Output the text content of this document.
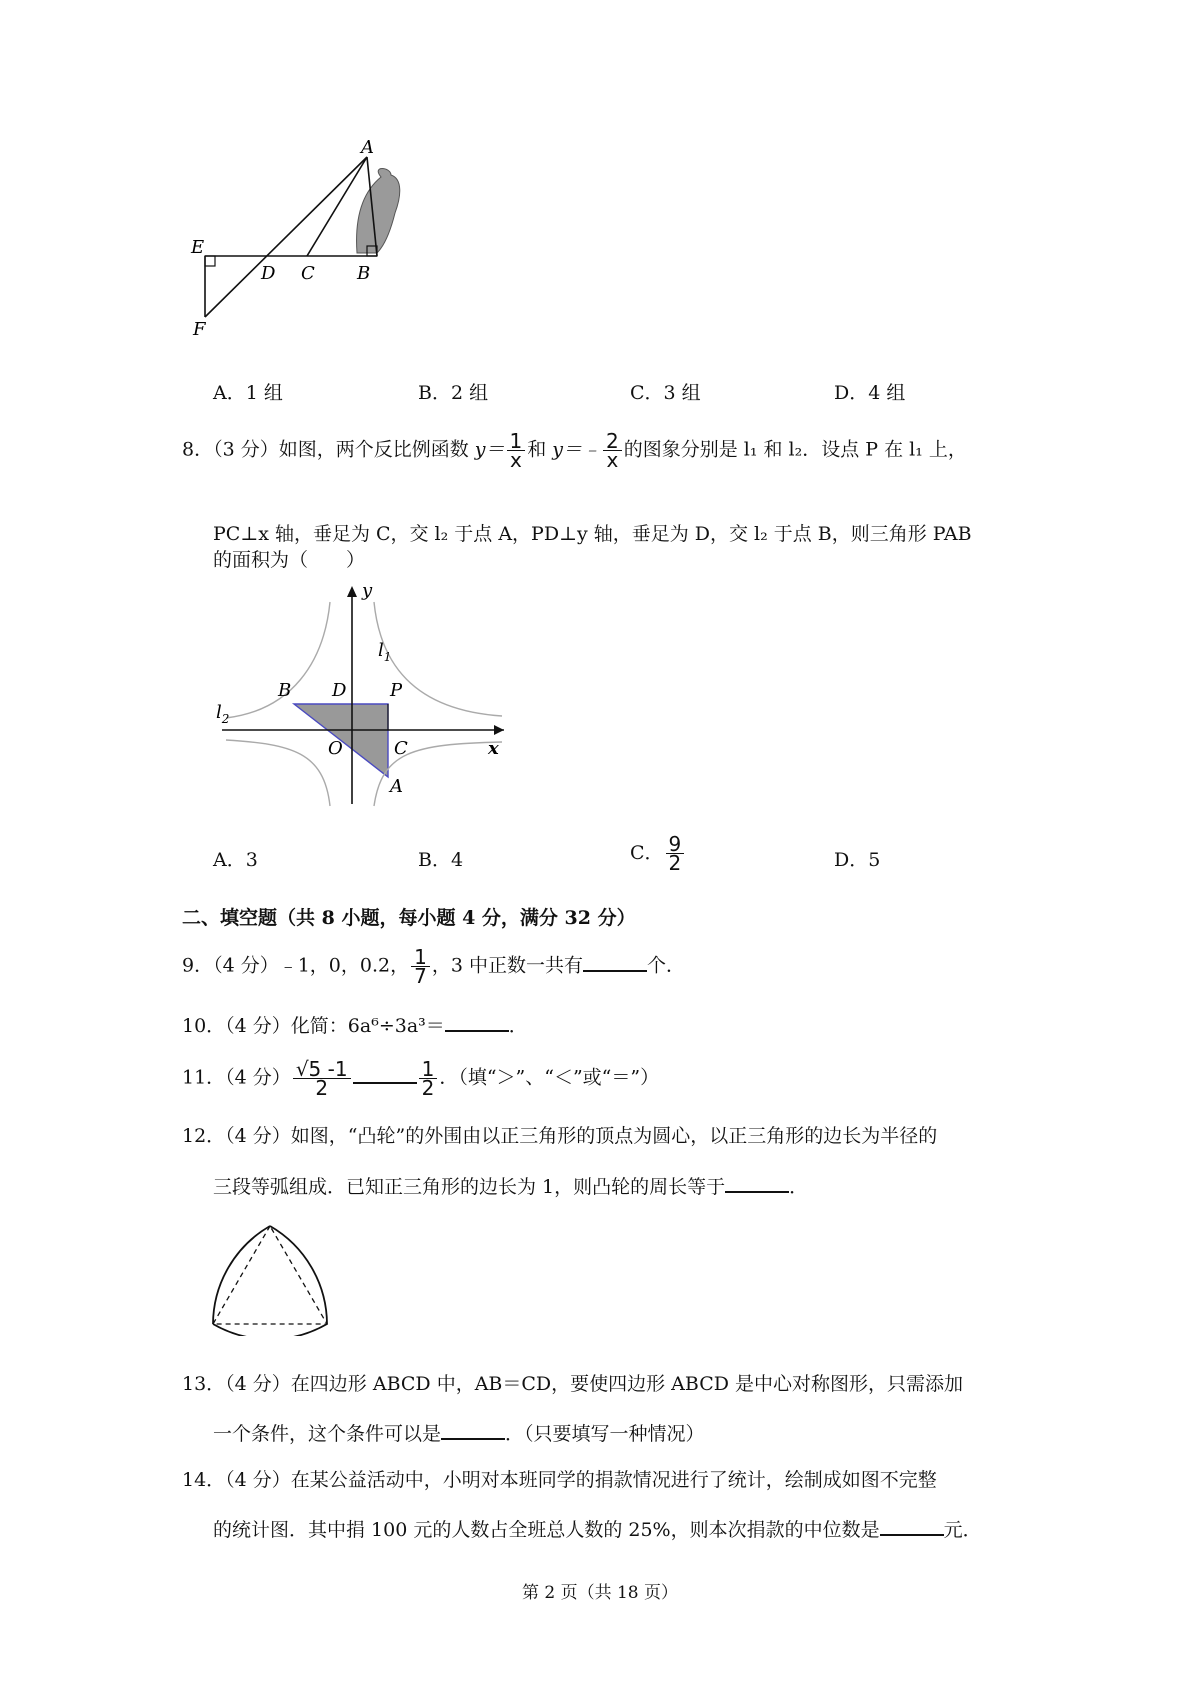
A
E
D C B
F
A．1 组	B．2 组	C．3 组	D．4 组
8．（3 分）如图，两个反比例函数 $y= \frac{1}{x}$ 和 y＝﹣ $\frac{2}{x}$ 的图象分别是 l₁ 和 l₂．设点 P 在 l₁ 上，
PC⊥x 轴，垂足为 C，交 l₂ 于点 A，PD⊥y 轴，垂足为 D，交 l₂ 于点 B，则三角形 PAB
的面积为（　　）
y
x
$l_1$
$l_2$
B D P
O	C
A
A．3	B．4	C． $\frac{9}{2}$	D．5
二、填空题（共 8 小题，每小题 4 分，满分 32 分）
9．（4 分）﹣1，0，0.2， $\frac{1}{7}$ ，3 中正数一共有	个．
10．（4 分）化简：6a⁶÷3a³＝	．
11．（4 分） $\frac{√5 -1}{2}$	$\frac{1}{2}$ ．（填“＞”、“＜”或“＝”）
12．（4 分）如图，“凸轮”的外围由以正三角形的顶点为圆心，以正三角形的边长为半径的
三段等弧组成．已知正三角形的边长为 1，则凸轮的周长等于	．
13．（4 分）在四边形 ABCD 中，AB＝CD，要使四边形 ABCD 是中心对称图形，只需添加
一个条件，这个条件可以是	．（只要填写一种情况）
14．（4 分）在某公益活动中，小明对本班同学的捐款情况进行了统计，绘制成如图不完整
的统计图．其中捐 100 元的人数占全班总人数的 25%，则本次捐款的中位数是	元．
第 2 页（共 18 页）
